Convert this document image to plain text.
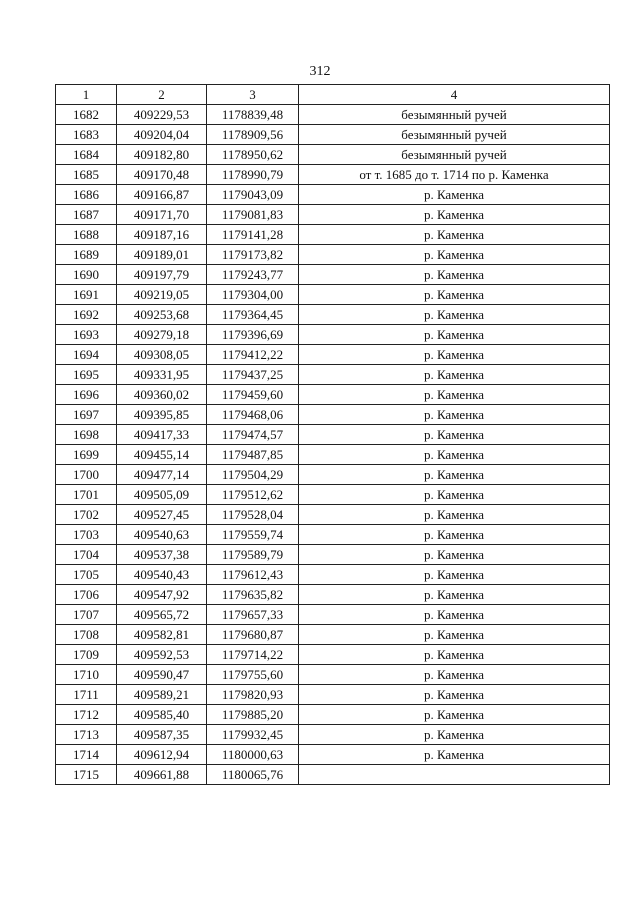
312
1	2	3	4
1682	409229,53	1178839,48	безымянный ручей
1683	409204,04	1178909,56	безымянный ручей
1684	409182,80	1178950,62	безымянный ручей
1685	409170,48	1178990,79	от т. 1685 до т. 1714 по р. Каменка
1686	409166,87	1179043,09	р. Каменка
1687	409171,70	1179081,83	р. Каменка
1688	409187,16	1179141,28	р. Каменка
1689	409189,01	1179173,82	р. Каменка
1690	409197,79	1179243,77	р. Каменка
1691	409219,05	1179304,00	р. Каменка
1692	409253,68	1179364,45	р. Каменка
1693	409279,18	1179396,69	р. Каменка
1694	409308,05	1179412,22	р. Каменка
1695	409331,95	1179437,25	р. Каменка
1696	409360,02	1179459,60	р. Каменка
1697	409395,85	1179468,06	р. Каменка
1698	409417,33	1179474,57	р. Каменка
1699	409455,14	1179487,85	р. Каменка
1700	409477,14	1179504,29	р. Каменка
1701	409505,09	1179512,62	р. Каменка
1702	409527,45	1179528,04	р. Каменка
1703	409540,63	1179559,74	р. Каменка
1704	409537,38	1179589,79	р. Каменка
1705	409540,43	1179612,43	р. Каменка
1706	409547,92	1179635,82	р. Каменка
1707	409565,72	1179657,33	р. Каменка
1708	409582,81	1179680,87	р. Каменка
1709	409592,53	1179714,22	р. Каменка
1710	409590,47	1179755,60	р. Каменка
1711	409589,21	1179820,93	р. Каменка
1712	409585,40	1179885,20	р. Каменка
1713	409587,35	1179932,45	р. Каменка
1714	409612,94	1180000,63	р. Каменка
1715	409661,88	1180065,76	
